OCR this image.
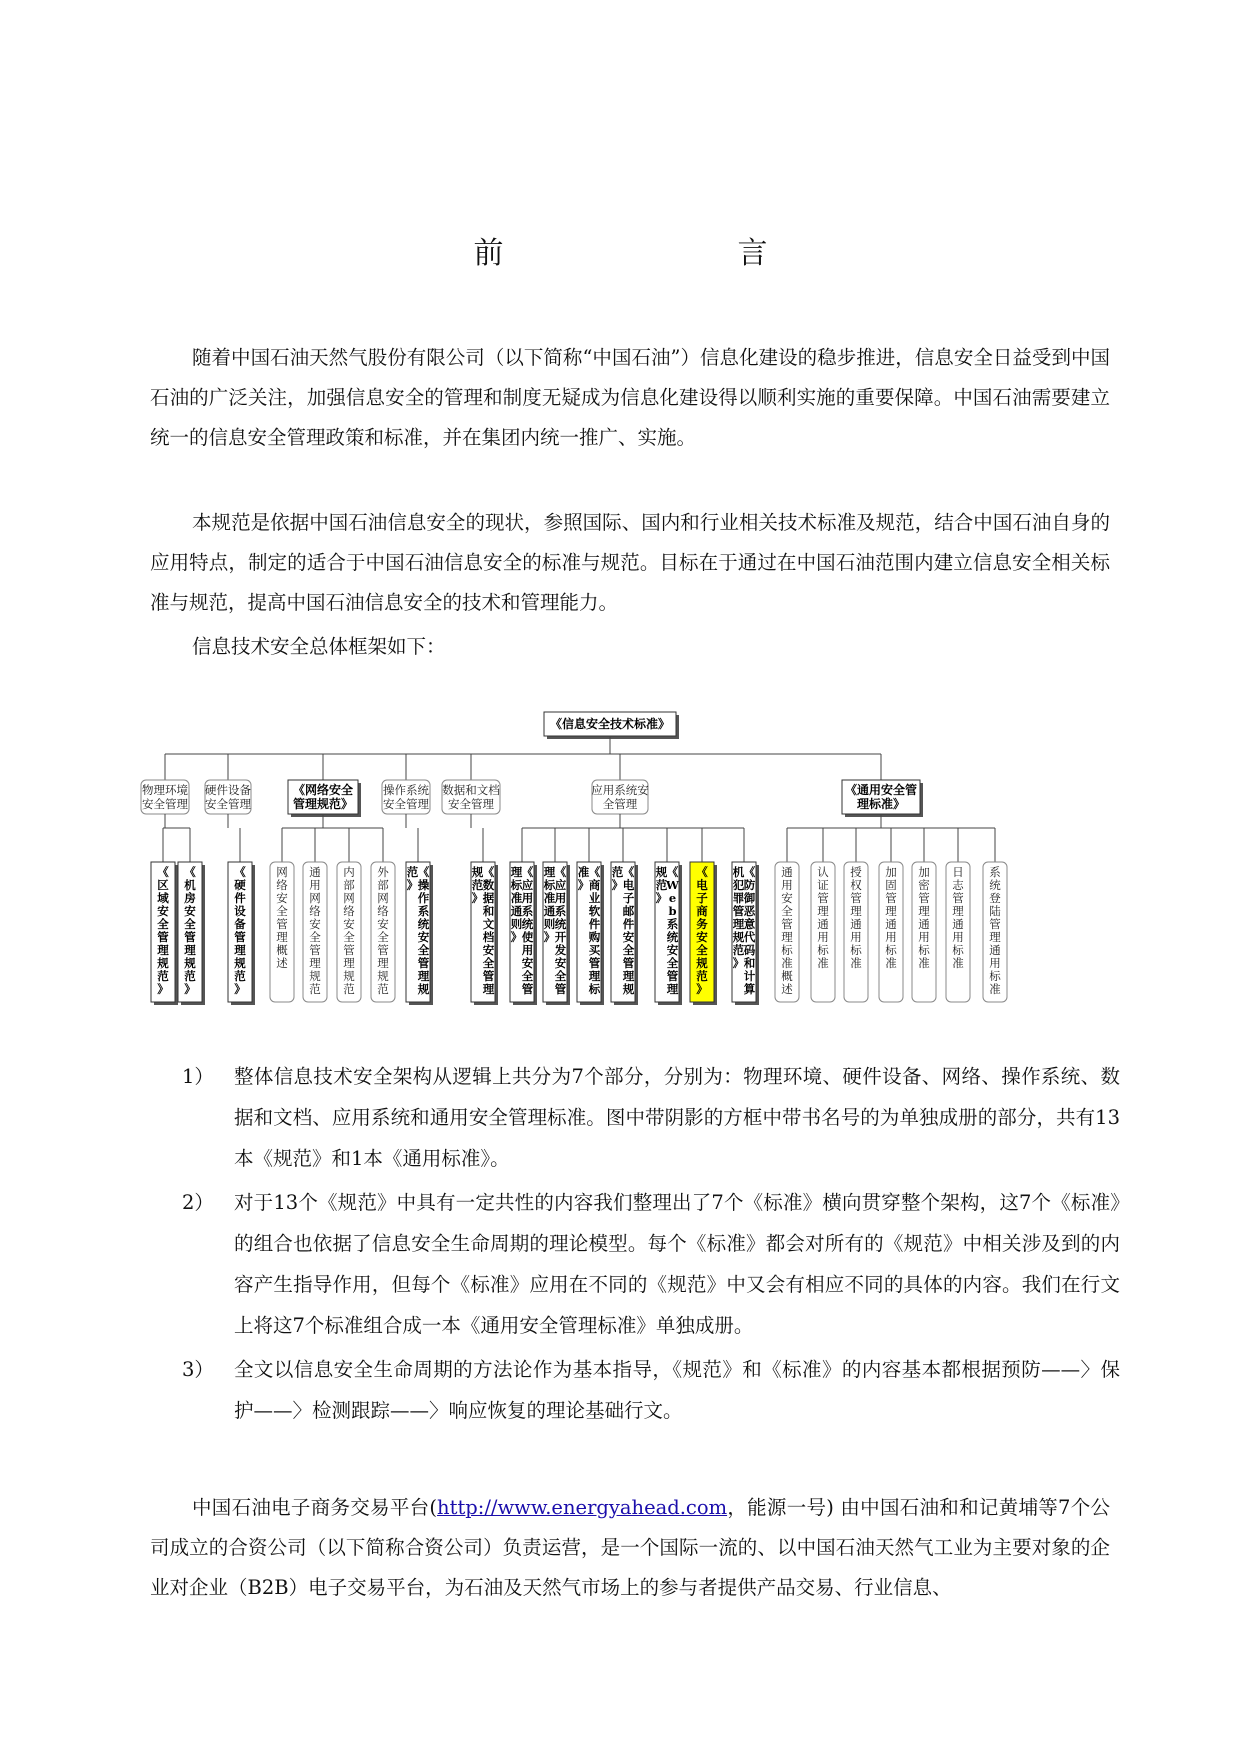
前　　言

随着中国石油天然气股份有限公司（以下简称“中国石油”）信息化建设的稳步推进，信息安全日益受到中国石油的广泛关注，加强信息安全的管理和制度无疑成为信息化建设得以顺利实施的重要保障。中国石油需要建立统一的信息安全管理政策和标准，并在集团内统一推广、实施。

本规范是依据中国石油信息安全的现状，参照国际、国内和行业相关技术标准及规范，结合中国石油自身的应用特点，制定的适合于中国石油信息安全的标准与规范。目标在于通过在中国石油范围内建立信息安全相关标准与规范，提高中国石油信息安全的技术和管理能力。

信息技术安全总体框架如下：

《信息安全技术标准》
物理环境
安全管理
《
区
域
安
全
管
理
规
范
》
《
机
房
安
全
管
理
规
范
》
硬件设备
安全管理
《
硬
件
设
备
管
理
规
范
》
《网络安全
管理规范》
网
络
安
全
管
理
概
述
通
用
网
络
安
全
管
理
规
范
内
部
网
络
安
全
管
理
规
范
外
部
网
络
安
全
管
理
规
范
操作系统
安全管理
《
操
作
系
统
安
全
管
理
规
范
》
数据和文档
安全管理
《
数
据
和
文
档
安
全
管
理
规
范
》
应用系统安
全管理
《
应
用
系
统
使
用
安
全
管
理
标
准
通
则
》
《
应
用
系
统
开
发
安
全
管
理
标
准
通
则
》
《
商
业
软
件
购
买
管
理
标
准
》
《
电
子
邮
件
安
全
管
理
规
范
》
《
W
e
b
系
统
安
全
管
理
规
范
》
《
电
子
商
务
安
全
规
范
》
《
防
御
恶
意
代
码
和
计
算
机
犯
罪
管
理
规
范
》
《通用安全管
理标准》
通
用
安
全
管
理
标
准
概
述
认
证
管
理
通
用
标
准
授
权
管
理
通
用
标
准
加
固
管
理
通
用
标
准
加
密
管
理
通
用
标
准
日
志
管
理
通
用
标
准
系
统
登
陆
管
理
通
用
标
准
1） 整体信息技术安全架构从逻辑上共分为7个部分，分别为：物理环境、硬件设备、网络、操作系统、数据和文档、应用系统和通用安全管理标准。图中带阴影的方框中带书名号的为单独成册的部分，共有13本《规范》和1本《通用标准》。
2） 对于13个《规范》中具有一定共性的内容我们整理出了7个《标准》横向贯穿整个架构，这7个《标准》的组合也依据了信息安全生命周期的理论模型。每个《标准》都会对所有的《规范》中相关涉及到的内容产生指导作用，但每个《标准》应用在不同的《规范》中又会有相应不同的具体的内容。我们在行文上将这7个标准组合成一本《通用安全管理标准》单独成册。
3） 全文以信息安全生命周期的方法论作为基本指导，《规范》和《标准》的内容基本都根据预防——〉保护——〉检测跟踪——〉响应恢复的理论基础行文。

中国石油电子商务交易平台(http://www.energyahead.com，能源一号) 由中国石油和和记黄埔等7个公司成立的合资公司（以下简称合资公司）负责运营，是一个国际一流的、以中国石油天然气工业为主要对象的企业对企业（B2B）电子交易平台，为石油及天然气市场上的参与者提供产品交易、行业信息、
